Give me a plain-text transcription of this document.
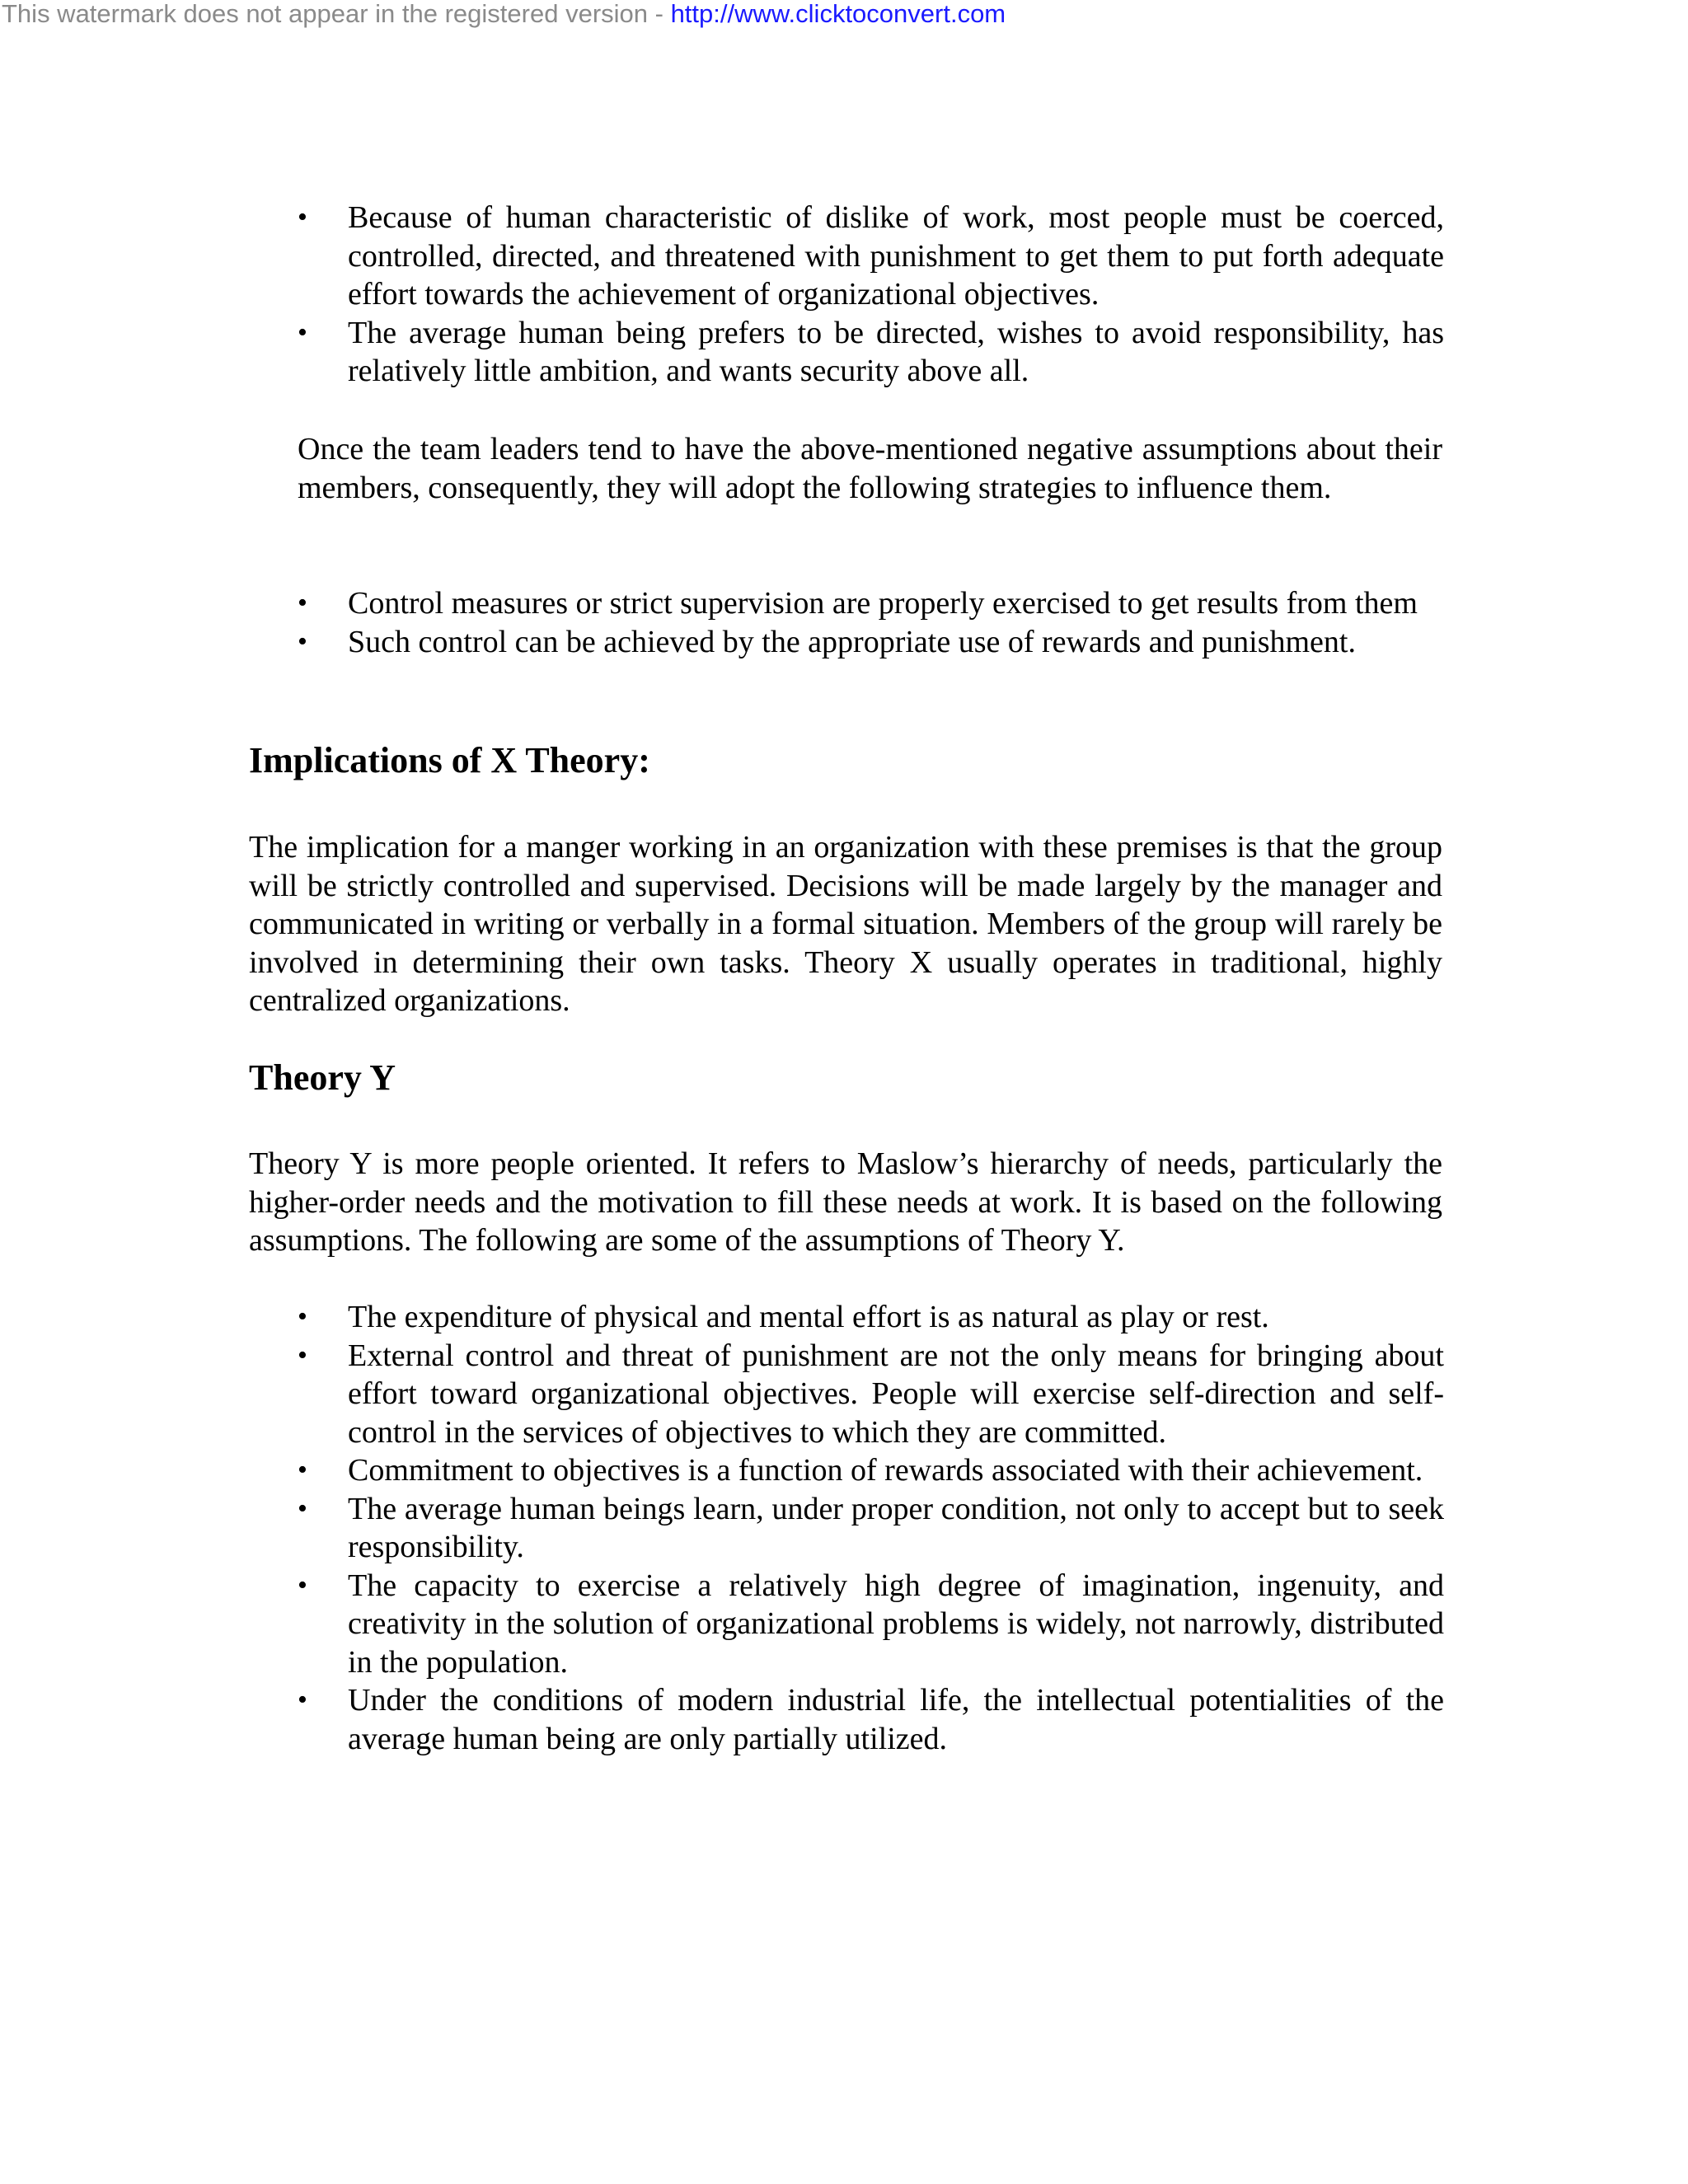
This watermark does not appear in the registered version - http://www.clicktoconvert.com
•	Because of human characteristic of dislike of work, most people must be coerced, controlled, directed, and threatened with punishment to get them to put forth adequate effort towards the achievement of organizational objectives.
•	The average human being prefers to be directed, wishes to avoid responsibility, has relatively little ambition, and wants security above all.

Once the team leaders tend to have the above-mentioned negative assumptions about their members, consequently, they will adopt the following strategies to influence them.

•	Control measures or strict supervision are properly exercised to get results from them
•	Such control can be achieved by the appropriate use of rewards and punishment.
Implications of X Theory:

The implication for a manger working in an organization with these premises is that the group will be strictly controlled and supervised. Decisions will be made largely by the manager and communicated in writing or verbally in a formal situation. Members of the group will rarely be involved in determining their own tasks. Theory X usually operates in traditional, highly centralized organizations.

Theory Y

Theory Y is more people oriented. It refers to Maslow’s hierarchy of needs, particularly the higher-order needs and the motivation to fill these needs at work. It is based on the following assumptions. The following are some of the assumptions of Theory Y.

•	The expenditure of physical and mental effort is as natural as play or rest.
•	External control and threat of punishment are not the only means for bringing about effort toward organizational objectives. People will exercise self-direction and self-control in the services of objectives to which they are committed.
•	Commitment to objectives is a function of rewards associated with their achievement.
•	The average human beings learn, under proper condition, not only to accept but to seek responsibility.
•	The capacity to exercise a relatively high degree of imagination, ingenuity, and creativity in the solution of organizational problems is widely, not narrowly, distributed in the population.
•	Under the conditions of modern industrial life, the intellectual potentialities of the average human being are only partially utilized.
